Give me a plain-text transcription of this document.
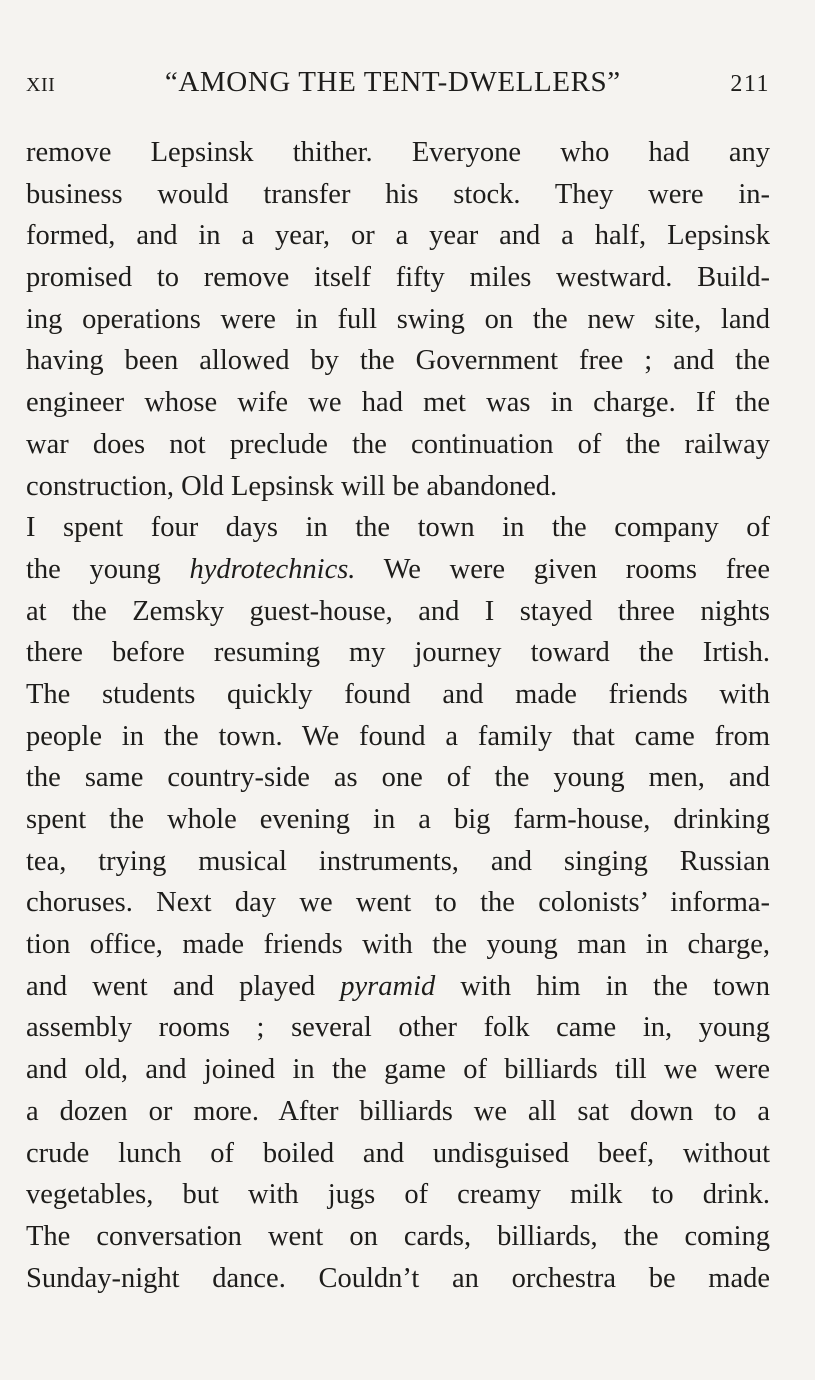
xii	“AMONG THE TENT-DWELLERS”	211
remove Lepsinsk thither. Everyone who had any
business would transfer his stock. They were in-
formed, and in a year, or a year and a half, Lepsinsk
promised to remove itself fifty miles westward. Build-
ing operations were in full swing on the new site, land
having been allowed by the Government free ; and the
engineer whose wife we had met was in charge. If the
war does not preclude the continuation of the railway
construction, Old Lepsinsk will be abandoned.
I spent four days in the town in the company of
the young hydrotechnics. We were given rooms free
at the Zemsky guest-house, and I stayed three nights
there before resuming my journey toward the Irtish.
The students quickly found and made friends with
people in the town. We found a family that came from
the same country-side as one of the young men, and
spent the whole evening in a big farm-house, drinking
tea, trying musical instruments, and singing Russian
choruses. Next day we went to the colonists’ informa-
tion office, made friends with the young man in charge,
and went and played pyramid with him in the town
assembly rooms ; several other folk came in, young
and old, and joined in the game of billiards till we were
a dozen or more. After billiards we all sat down to a
crude lunch of boiled and undisguised beef, without
vegetables, but with jugs of creamy milk to drink.
The conversation went on cards, billiards, the coming
Sunday-night dance. Couldn’t an orchestra be made
